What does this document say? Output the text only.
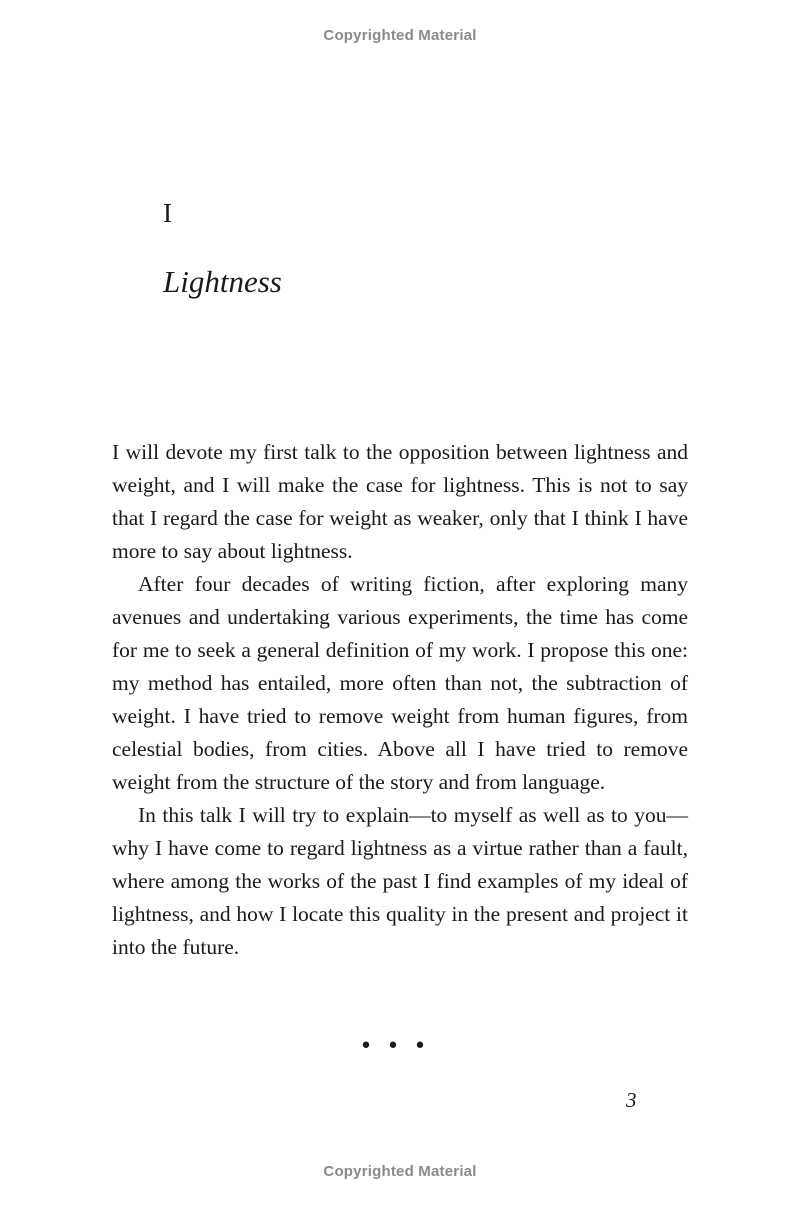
Copyrighted Material
I
Lightness

I will devote my first talk to the opposition between lightness and weight, and I will make the case for lightness. This is not to say that I regard the case for weight as weaker, only that I think I have more to say about lightness.

After four decades of writing fiction, after exploring many avenues and undertaking various experiments, the time has come for me to seek a general definition of my work. I propose this one: my method has entailed, more often than not, the subtraction of weight. I have tried to remove weight from human figures, from celestial bodies, from cities. Above all I have tried to remove weight from the structure of the story and from language.

In this talk I will try to explain—to myself as well as to you—why I have come to regard lightness as a virtue rather than a fault, where among the works of the past I find examples of my ideal of lightness, and how I locate this quality in the present and project it into the future.

•••
3
Copyrighted Material
